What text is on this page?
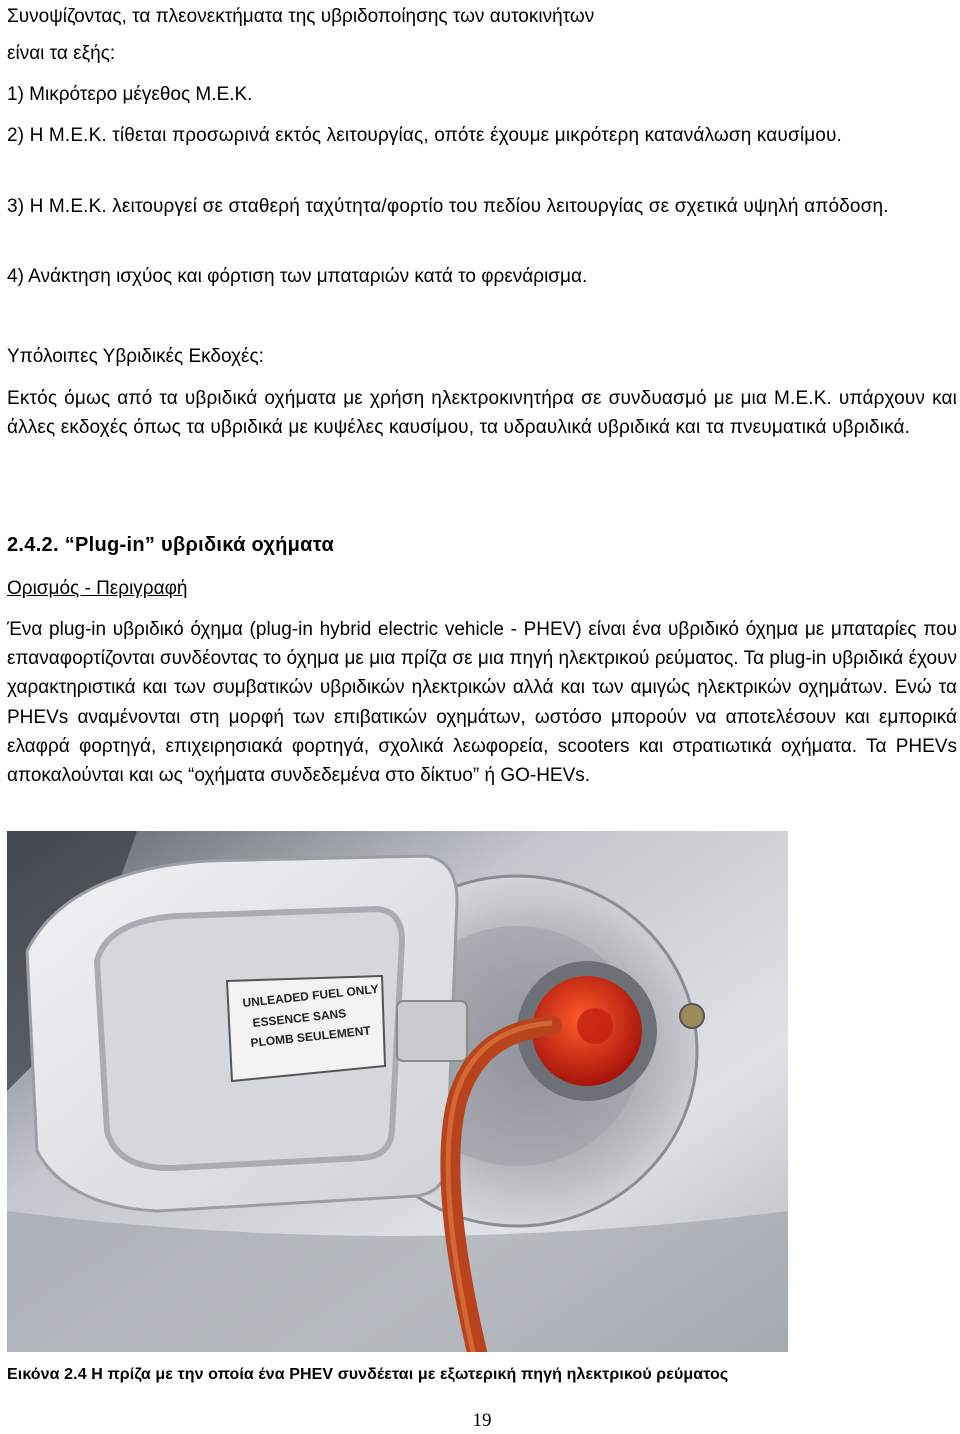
Συνοψίζοντας, τα πλεονεκτήματα της υβριδοποίησης των αυτοκινήτων

είναι τα εξής:

1) Μικρότερο μέγεθος Μ.Ε.Κ.

2) Η Μ.Ε.Κ. τίθεται προσωρινά εκτός λειτουργίας, οπότε έχουμε μικρότερη κατανάλωση καυσίμου.

3) Η Μ.Ε.Κ. λειτουργεί σε σταθερή ταχύτητα/φορτίο του πεδίου λειτουργίας σε σχετικά υψηλή απόδοση.

4) Ανάκτηση ισχύος και φόρτιση των μπαταριών κατά το φρενάρισμα.

Υπόλοιπες Υβριδικές Εκδοχές:

Εκτός όμως από τα υβριδικά οχήματα με χρήση ηλεκτροκινητήρα σε συνδυασμό με μια Μ.Ε.Κ. υπάρχουν και άλλες εκδοχές όπως τα υβριδικά με κυψέλες καυσίμου, τα υδραυλικά υβριδικά και τα πνευματικά υβριδικά.

2.4.2. “Plug-in” υβριδικά οχήματα

Ορισμός - Περιγραφή

Ένα plug-in υβριδικό όχημα (plug-in hybrid electric vehicle - PHEV) είναι ένα υβριδικό όχημα με μπαταρίες που επαναφορτίζονται συνδέοντας το όχημα με μια πρίζα σε μια πηγή ηλεκτρικού ρεύματος. Τα plug-in υβριδικά έχουν χαρακτηριστικά και των συμβατικών υβριδικών ηλεκτρικών αλλά και των αμιγώς ηλεκτρικών οχημάτων. Ενώ τα PHEVs αναμένονται στη μορφή των επιβατικών οχημάτων, ωστόσο μπορούν να αποτελέσουν και εμπορικά ελαφρά φορτηγά, επιχειρησιακά φορτηγά, σχολικά λεωφορεία, scooters και στρατιωτικά οχήματα. Τα PHEVs αποκαλούνται και ως “οχήματα συνδεδεμένα στο δίκτυο” ή GO-HEVs.

UNLEADED FUEL ONLY
ESSENCE SANS
PLOMB SEULEMENT

Εικόνα 2.4 Η πρίζα με την οποία ένα PHEV συνδέεται με εξωτερική πηγή ηλεκτρικού ρεύματος

19
